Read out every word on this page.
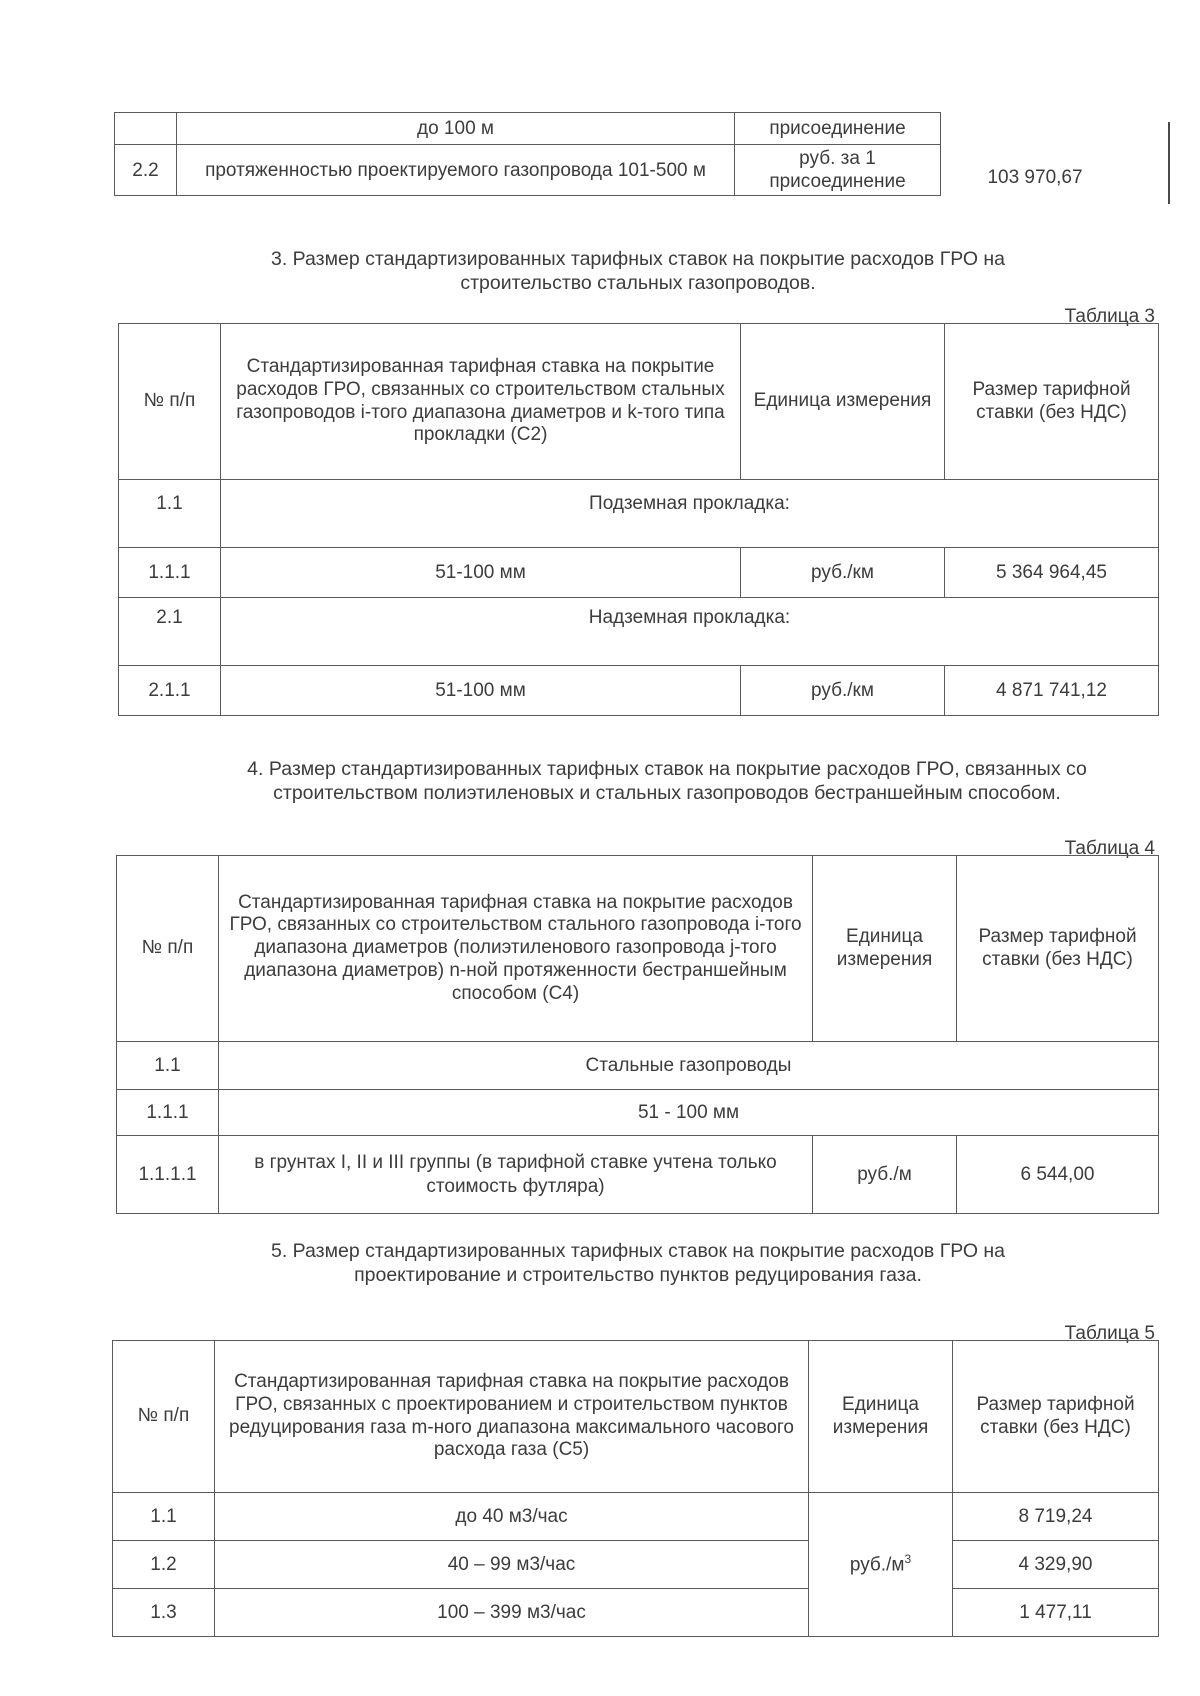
	до 100 м	присоединение
2.2	протяженностью проектируемого газопровода 101-500 м	руб. за 1 присоединение	103 970,67
3. Размер стандартизированных тарифных ставок на покрытие расходов ГРО на строительство стальных газопроводов.
Таблица 3
№ п/п	Стандартизированная тарифная ставка на покрытие расходов ГРО, связанных со строительством стальных газопроводов i-того диапазона диаметров и k-того типа прокладки (С2)	Единица измерения	Размер тарифной ставки (без НДС)
1.1	Подземная прокладка:		
1.1.1	51-100 мм	руб./км	5 364 964,45
2.1	Надземная прокладка:		
2.1.1	51-100 мм	руб./км	4 871 741,12
4. Размер стандартизированных тарифных ставок на покрытие расходов ГРО, связанных со строительством полиэтиленовых и стальных газопроводов бестраншейным способом.
Таблица 4
№ п/п	Стандартизированная тарифная ставка на покрытие расходов ГРО, связанных со строительством стального газопровода i-того диапазона диаметров (полиэтиленового газопровода j-того диапазона диаметров) n-ной протяженности бестраншейным способом (С4)	Единица измерения	Размер тарифной ставки (без НДС)
1.1	Стальные газопроводы		
1.1.1	51 - 100 мм		
1.1.1.1	в грунтах I, II и III группы (в тарифной ставке учтена только стоимость футляра)	руб./м	6 544,00
5. Размер стандартизированных тарифных ставок на покрытие расходов ГРО на проектирование и строительство пунктов редуцирования газа.
Таблица 5
№ п/п	Стандартизированная тарифная ставка на покрытие расходов ГРО, связанных с проектированием и строительством пунктов редуцирования газа m-ного диапазона максимального часового расхода газа (С5)	Единица измерения	Размер тарифной ставки (без НДС)
1.1	до 40 м3/час	$руб./м^3$	8 719,24
1.2	40 – 99 м3/час		4 329,90
1.3	100 – 399 м3/час		1 477,11
